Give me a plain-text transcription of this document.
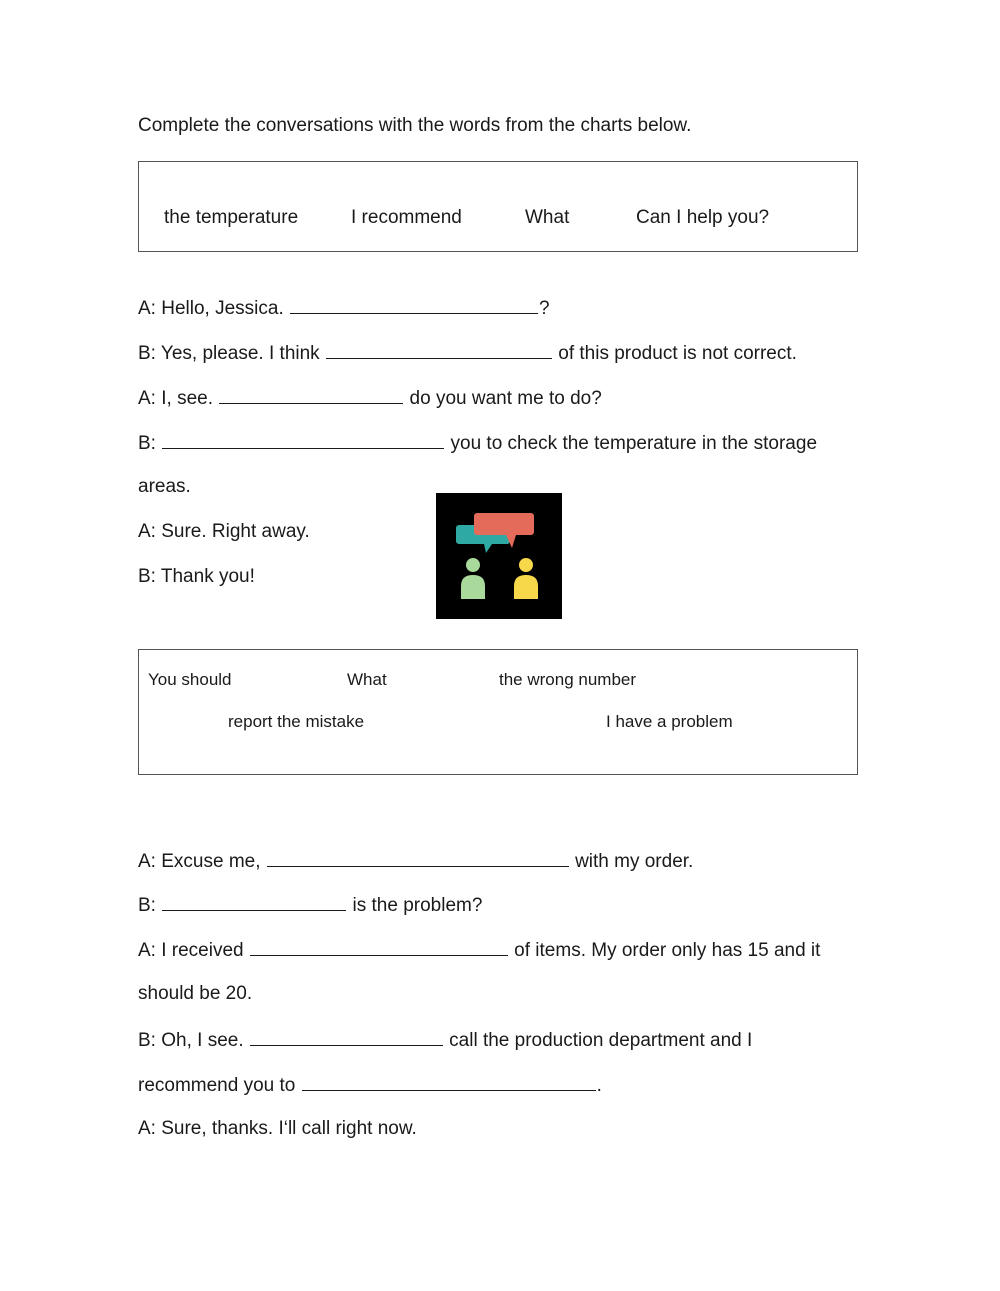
Complete the conversations with the words from the charts below.
the temperature	I recommend	What	Can I help you?
A: Hello, Jessica.	?
B: Yes, please. I think	of this product is not correct.
A: I, see.	do you want me to do?
B:	you to check the temperature in the storage
areas.
A: Sure. Right away.
B: Thank you!
You should	What	the wrong number
report the mistake	I have a problem
A: Excuse me,	with my order.
B:	is the problem?
A: I received	of items. My order only has 15 and it
should be 20.
B: Oh, I see.	call the production department and I
recommend you to	.
A: Sure, thanks. I‘ll call right now.
